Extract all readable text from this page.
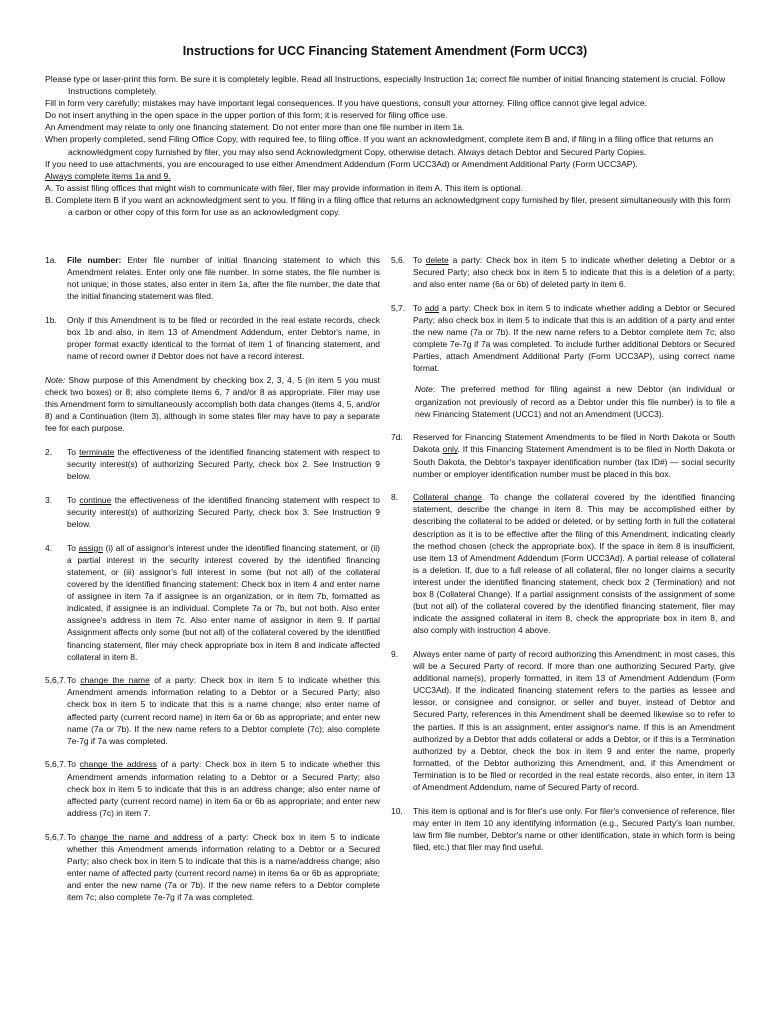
Instructions for UCC Financing Statement Amendment (Form UCC3)

Please type or laser-print this form. Be sure it is completely legible. Read all Instructions, especially Instruction 1a; correct file number of initial financing statement is crucial. Follow Instructions completely.

Fill in form very carefully; mistakes may have important legal consequences. If you have questions, consult your attorney. Filing office cannot give legal advice.

Do not insert anything in the open space in the upper portion of this form; it is reserved for filing office use.

An Amendment may relate to only one financing statement. Do not enter more than one file number in item 1a.

When properly completed, send Filing Office Copy, with required fee, to filing office. If you want an acknowledgment, complete item B and, if filing in a filing office that returns an acknowledgment copy furnished by filer, you may also send Acknowledgment Copy, otherwise detach. Always detach Debtor and Secured Party Copies.

If you need to use attachments, you are encouraged to use either Amendment Addendum (Form UCC3Ad) or Amendment Additional Party (Form UCC3AP).

Always complete items 1a and 9.

A. To assist filing offices that might wish to communicate with filer, filer may provide information in item A. This item is optional.

B. Complete item B if you want an acknowledgment sent to you. If filing in a filing office that returns an acknowledgment copy furnished by filer, present simultaneously with this form a carbon or other copy of this form for use as an acknowledgment copy.

1a.	File number: Enter file number of initial financing statement to which this Amendment relates. Enter only one file number. In some states, the file number is not unique; in those states, also enter in item 1a, after the file number, the date that the initial financing statement was filed.
1b.	Only if this Amendment is to be filed or recorded in the real estate records, check box 1b and also, in item 13 of Amendment Addendum, enter Debtor's name, in proper format exactly identical to the format of item 1 of financing statement, and name of record owner if Debtor does not have a record interest.
Note: Show purpose of this Amendment by checking box 2, 3, 4, 5 (in item 5 you must check two boxes) or 8; also complete items 6, 7 and/or 8 as appropriate. Filer may use this Amendment form to simultaneously accomplish both data changes (items 4, 5, and/or 8) and a Continuation (item 3), although in some states filer may have to pay a separate fee for each purpose.
2.	To terminate the effectiveness of the identified financing statement with respect to security interest(s) of authorizing Secured Party, check box 2. See Instruction 9 below.
3.	To continue the effectiveness of the identified financing statement with respect to security interest(s) of authorizing Secured Party, check box 3. See Instruction 9 below.
4.	To assign (i) all of assignor's interest under the identified financing statement, or (ii) a partial interest in the security interest covered by the identified financing statement, or (iii) assignor's full interest in some (but not all) of the collateral covered by the identified financing statement: Check box in item 4 and enter name of assignee in item 7a if assignee is an organization, or in item 7b, formatted as indicated, if assignee is an individual. Complete 7a or 7b, but not both. Also enter assignee's address in item 7c. Also enter name of assignor in item 9. If partial Assignment affects only some (but not all) of the collateral covered by the identified financing statement, filer may check appropriate box in item 8 and indicate affected collateral in item 8.
5,6,7. To change the name of a party: Check box in item 5 to indicate whether this Amendment amends information relating to a Debtor or a Secured Party; also check box in item 5 to indicate that this is a name change; also enter name of affected party (current record name) in item 6a or 6b as appropriate; and enter new name (7a or 7b). If the new name refers to a Debtor complete (7c); also complete 7e-7g if 7a was completed.
5,6,7. To change the address of a party: Check box in item 5 to indicate whether this Amendment amends information relating to a Debtor or a Secured Party; also check box in item 5 to indicate that this is an address change; also enter name of affected party (current record name) in item 6a or 6b as appropriate; and enter new address (7c) in item 7.
5,6,7. To change the name and address of a party: Check box in item 5 to indicate whether this Amendment amends information relating to a Debtor or a Secured Party; also check box in item 5 to indicate that this is a name/address change; also enter name of affected party (current record name) in items 6a or 6b as appropriate; and enter the new name (7a or 7b). If the new name refers to a Debtor complete item 7c; also complete 7e-7g if 7a was completed.
5,6. To delete a party: Check box in item 5 to indicate whether deleting a Debtor or a Secured Party; also check box in item 5 to indicate that this is a deletion of a party; and also enter name (6a or 6b) of deleted party in item 6.
5,7. To add a party: Check box in item 5 to indicate whether adding a Debtor or Secured Party; also check box in item 5 to indicate that this is an addition of a party and enter the new name (7a or 7b). If the new name refers to a Debtor complete item 7c; also complete 7e-7g if 7a was completed. To include further additional Debtors or Secured Parties, attach Amendment Additional Party (Form UCC3AP), using correct name format.
Note: The preferred method for filing against a new Debtor (an individual or organization not previously of record as a Debtor under this file number) is to file a new Financing Statement (UCC1) and not an Amendment (UCC3).
7d.	Reserved for Financing Statement Amendments to be filed in North Dakota or South Dakota only. If this Financing Statement Amendment is to be filed in North Dakota or South Dakota, the Debtor's taxpayer identification number (tax ID#) — social security number or employer identification number must be placed in this box.
8.	Collateral change. To change the collateral covered by the identified financing statement, describe the change in item 8. This may be accomplished either by describing the collateral to be added or deleted, or by setting forth in full the collateral description as it is to be effective after the filing of this Amendment, indicating clearly the method chosen (check the appropriate box). If the space in item 8 is insufficient, use item 13 of Amendment Addendum (Form UCC3Ad). A partial release of collateral is a deletion. If, due to a full release of all collateral, filer no longer claims a security interest under the identified financing statement, check box 2 (Termination) and not box 8 (Collateral Change). If a partial assignment consists of the assignment of some (but not all) of the collateral covered by the identified financing statement, filer may indicate the assigned collateral in item 8, check the appropriate box in item 8, and also comply with instruction 4 above.
9.	Always enter name of party of record authorizing this Amendment; in most cases, this will be a Secured Party of record. If more than one authorizing Secured Party, give additional name(s), properly formatted, in item 13 of Amendment Addendum (Form UCC3Ad). If the indicated financing statement refers to the parties as lessee and lessor, or consignee and consignor, or seller and buyer, instead of Debtor and Secured Party, references in this Amendment shall be deemed likewise so to refer to the parties. If this is an assignment, enter assignor's name. If this is an Amendment authorized by a Debtor that adds collateral or adds a Debtor, or if this is a Termination authorized by a Debtor, check the box in item 9 and enter the name, properly formatted, of the Debtor authorizing this Amendment, and, if this Amendment or Termination is to be filed or recorded in the real estate records, also enter, in item 13 of Amendment Addendum, name of Secured Party of record.
10.	This item is optional and is for filer's use only. For filer's convenience of reference, filer may enter in item 10 any identifying information (e.g., Secured Party's loan number, law firm file number, Debtor's name or other identification, state in which form is being filed, etc.) that filer may find useful.
